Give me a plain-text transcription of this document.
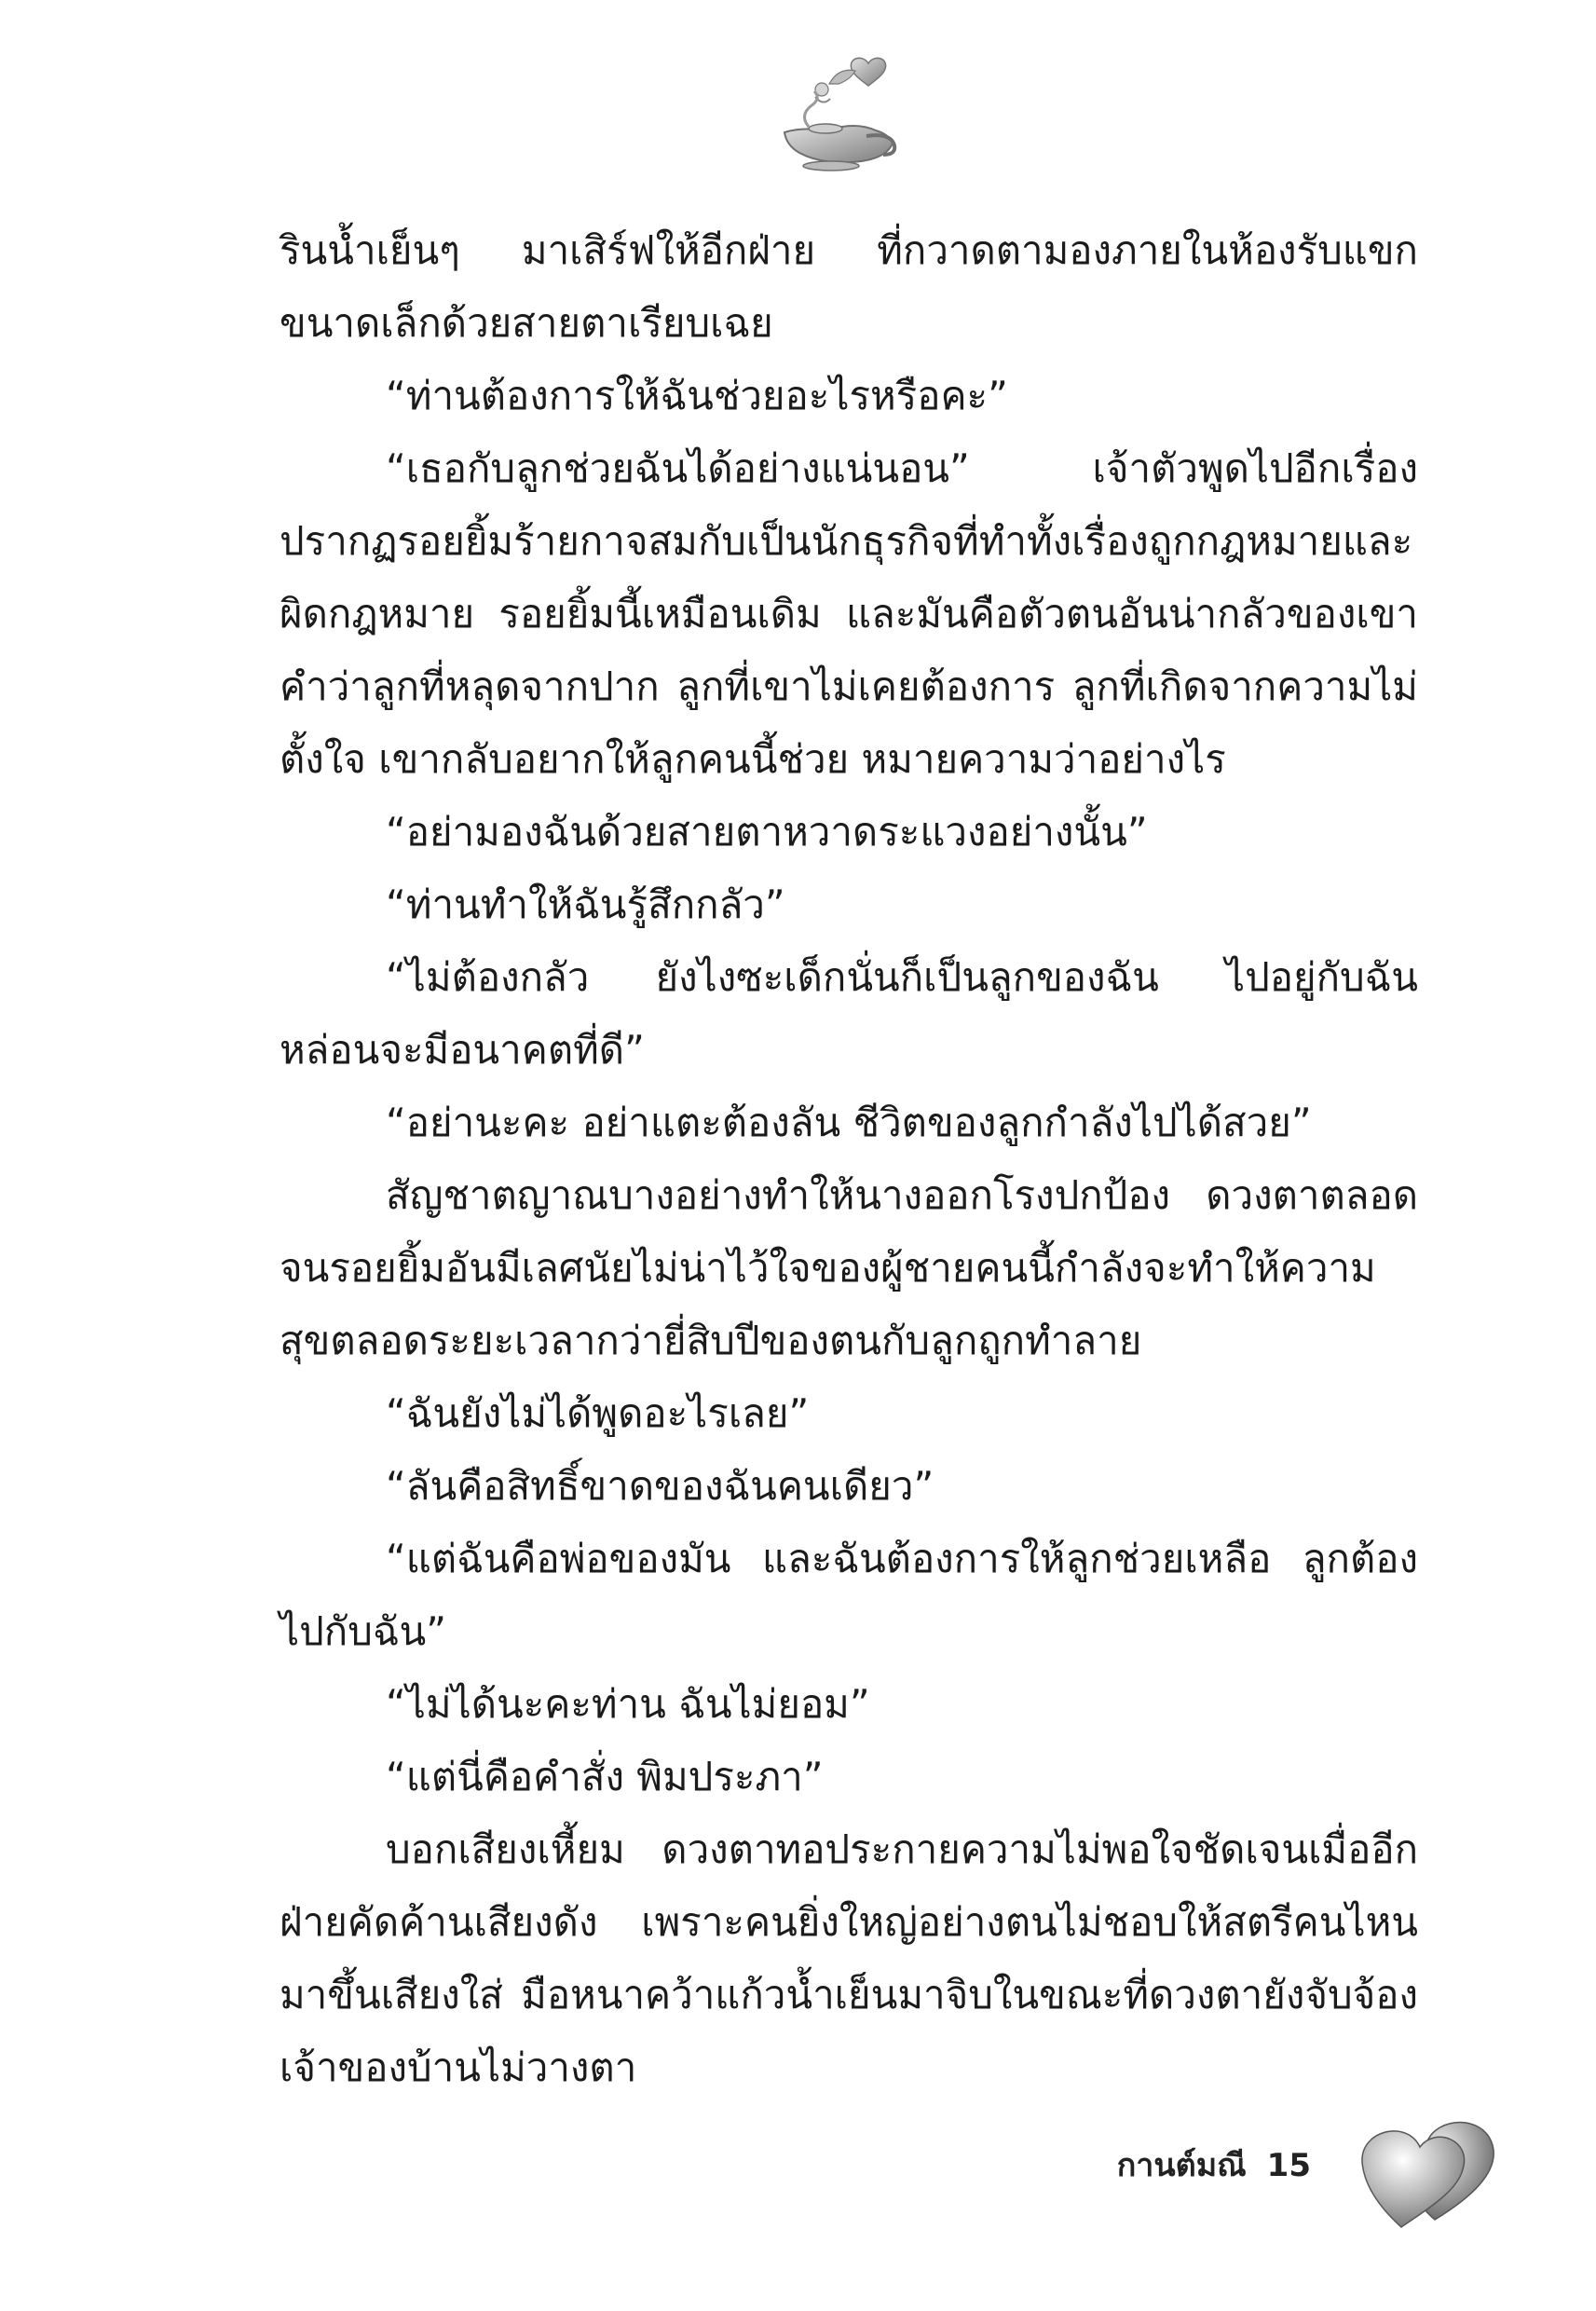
รินน้ำเย็นๆ มาเสิร์ฟให้อีกฝ่าย ที่กวาดตามองภายในห้องรับแขกขนาดเล็กด้วยสายตาเรียบเฉย

“ท่านต้องการให้ฉันช่วยอะไรหรือคะ”

“เธอกับลูกช่วยฉันได้อย่างแน่นอน” เจ้าตัวพูดไปอีกเรื่อง ปรากฏรอยยิ้มร้ายกาจสมกับเป็นนักธุรกิจที่ทำทั้งเรื่องถูกกฎหมายและผิดกฎหมาย รอยยิ้มนี้เหมือนเดิม และมันคือตัวตนอันน่ากลัวของเขา คำว่าลูกที่หลุดจากปาก ลูกที่เขาไม่เคยต้องการ ลูกที่เกิดจากความไม่ตั้งใจ เขากลับอยากให้ลูกคนนี้ช่วย หมายความว่าอย่างไร

“อย่ามองฉันด้วยสายตาหวาดระแวงอย่างนั้น”

“ท่านทำให้ฉันรู้สึกกลัว”

“ไม่ต้องกลัว ยังไงซะเด็กนั่นก็เป็นลูกของฉัน ไปอยู่กับฉัน หล่อนจะมีอนาคตที่ดี”

“อย่านะคะ อย่าแตะต้องลัน ชีวิตของลูกกำลังไปได้สวย”

สัญชาตญาณบางอย่างทำให้นางออกโรงปกป้อง ดวงตาตลอดจนรอยยิ้มอันมีเลศนัยไม่น่าไว้ใจของผู้ชายคนนี้กำลังจะทำให้ความสุขตลอดระยะเวลากว่ายี่สิบปีของตนกับลูกถูกทำลาย

“ฉันยังไม่ได้พูดอะไรเลย”

“ลันคือสิทธิ์ขาดของฉันคนเดียว”

“แต่ฉันคือพ่อของมัน และฉันต้องการให้ลูกช่วยเหลือ ลูกต้องไปกับฉัน”

“ไม่ได้นะคะท่าน ฉันไม่ยอม”

“แต่นี่คือคำสั่ง พิมประภา”

บอกเสียงเหี้ยม ดวงตาทอประกายความไม่พอใจชัดเจนเมื่ออีกฝ่ายคัดค้านเสียงดัง เพราะคนยิ่งใหญ่อย่างตนไม่ชอบให้สตรีคนไหนมาขึ้นเสียงใส่ มือหนาคว้าแก้วน้ำเย็นมาจิบในขณะที่ดวงตายังจับจ้องเจ้าของบ้านไม่วางตา

กานต์มณี 15
